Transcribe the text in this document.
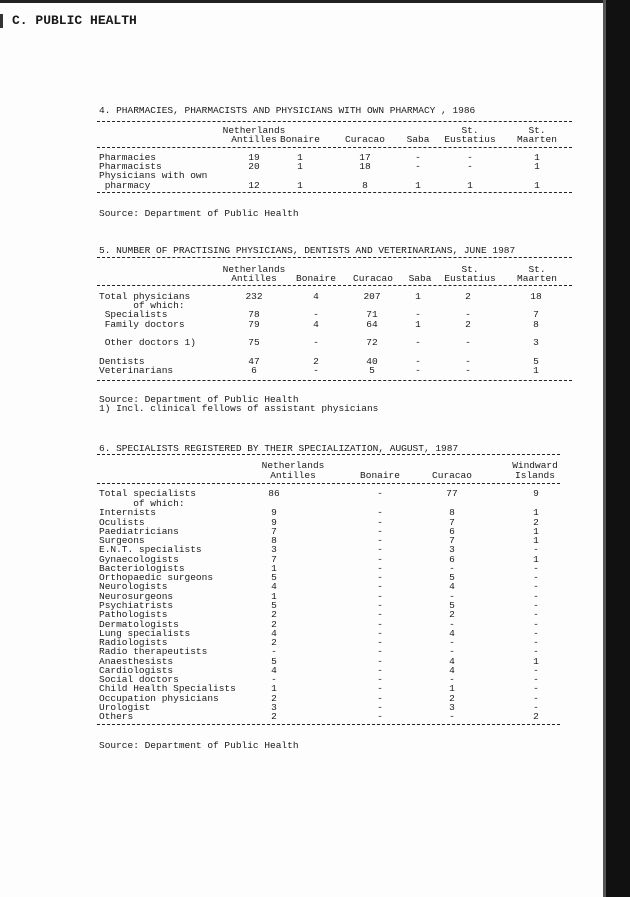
C. PUBLIC HEALTH
4. PHARMACIES, PHARMACISTS AND PHYSICIANS WITH OWN PHARMACY , 1986
Netherlands
Antilles Bonaire	Curacao Saba
St.
Eustatius
St.
Maarten
Pharmacies	19	1	17	-	-	1
Pharmacists	20	1	18	-	-	1
Physicians with own
pharmacy	12	1	8	1	1	1
Source: Department of Public Health
5. NUMBER OF PRACTISING PHYSICIANS, DENTISTS AND VETERINARIANS, JUNE 1987
Netherlands
Antilles Bonaire Curacao Saba
St.
Eustatius
St.
Maarten
Total physicians	232	4	207	1	2	18
of which:
Specialists	78	-	71	-	-	7
Family doctors	79	4	64	1	2	8
Other doctors 1)	75	-	72	-	-	3
Dentists	47	2	40	-	-	5
Veterinarians	6	-	5	-	-	1
Source: Department of Public Health
1) Incl. clinical fellows of assistant physicians
6. SPECIALISTS REGISTERED BY THEIR SPECIALIZATION, AUGUST, 1987
Netherlands
Antilles	Bonaire	Curacao
Windward
Islands
Total specialists	86	-	77	9
of which:
Internists	9	-	8	1
Oculists	9	-	7	2
Paediatricians	7	-	6	1
Surgeons	8	-	7	1
E.N.T. specialists	3	-	3	-
Gynaecologists	7	-	6	1
Bacteriologists	1	-	-	-
Orthopaedic surgeons	5	-	5	-
Neurologists	4	-	4	-
Neurosurgeons	1	-	-	-
Psychiatrists	5	-	5	-
Pathologists	2	-	2	-
Dermatologists	2	-	-	-
Lung specialists	4	-	4	-
Radiologists	2	-	-	-
Radio therapeutists	-	-	-	-
Anaesthesists	5	-	4	1
Cardiologists	4	-	4	-
Social doctors	-	-	-	-
Child Health Specialists	1	-	1	-
Occupation physicians	2	-	2	-
Urologist	3	-	3	-
Others	2	-	-	2
Source: Department of Public Health
